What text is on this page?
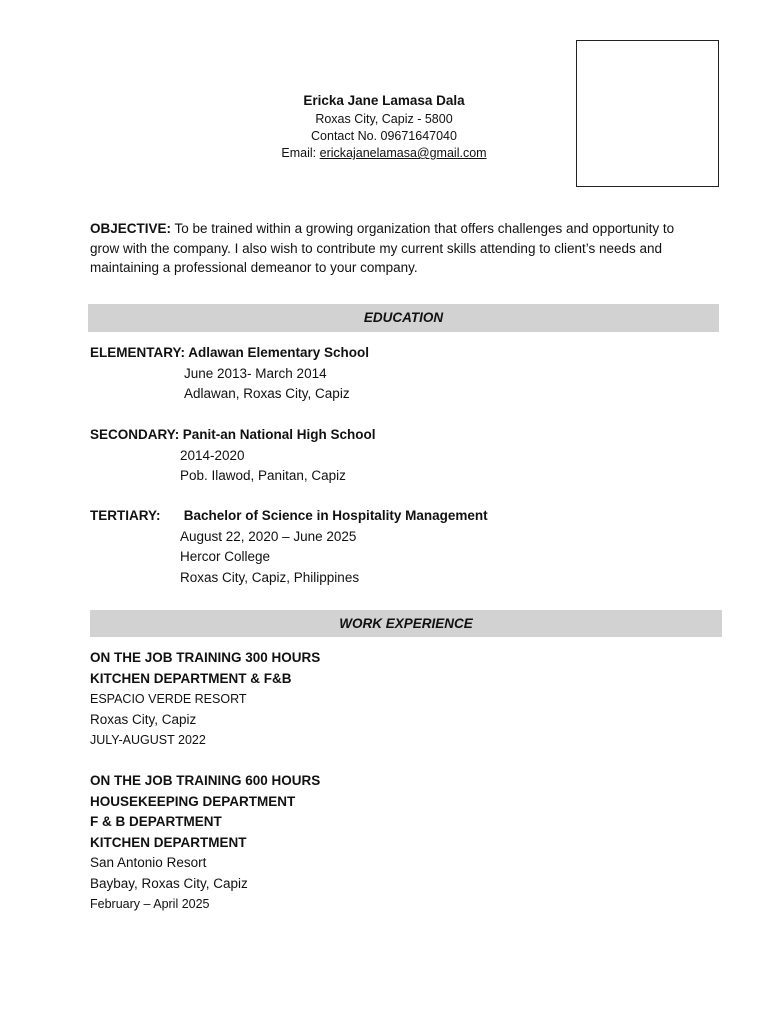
Ericka Jane Lamasa Dala
Roxas City, Capiz - 5800
Contact No. 09671647040
Email: erickajanelamasa@gmail.com
OBJECTIVE: To be trained within a growing organization that offers challenges and opportunity to grow with the company. I also wish to contribute my current skills attending to client’s needs and maintaining a professional demeanor to your company.
EDUCATION
ELEMENTARY: Adlawan Elementary School
June 2013- March 2014
Adlawan, Roxas City, Capiz
SECONDARY: Panit-an National High School
2014-2020
Pob. Ilawod, Panitan, Capiz
TERTIARY: Bachelor of Science in Hospitality Management
August 22, 2020 – June 2025
Hercor College
Roxas City, Capiz, Philippines
WORK EXPERIENCE
ON THE JOB TRAINING 300 HOURS
KITCHEN DEPARTMENT & F&B
ESPACIO VERDE RESORT
Roxas City, Capiz
JULY-AUGUST 2022
ON THE JOB TRAINING 600 HOURS
HOUSEKEEPING DEPARTMENT
F & B DEPARTMENT
KITCHEN DEPARTMENT
San Antonio Resort
Baybay, Roxas City, Capiz
February – April 2025
